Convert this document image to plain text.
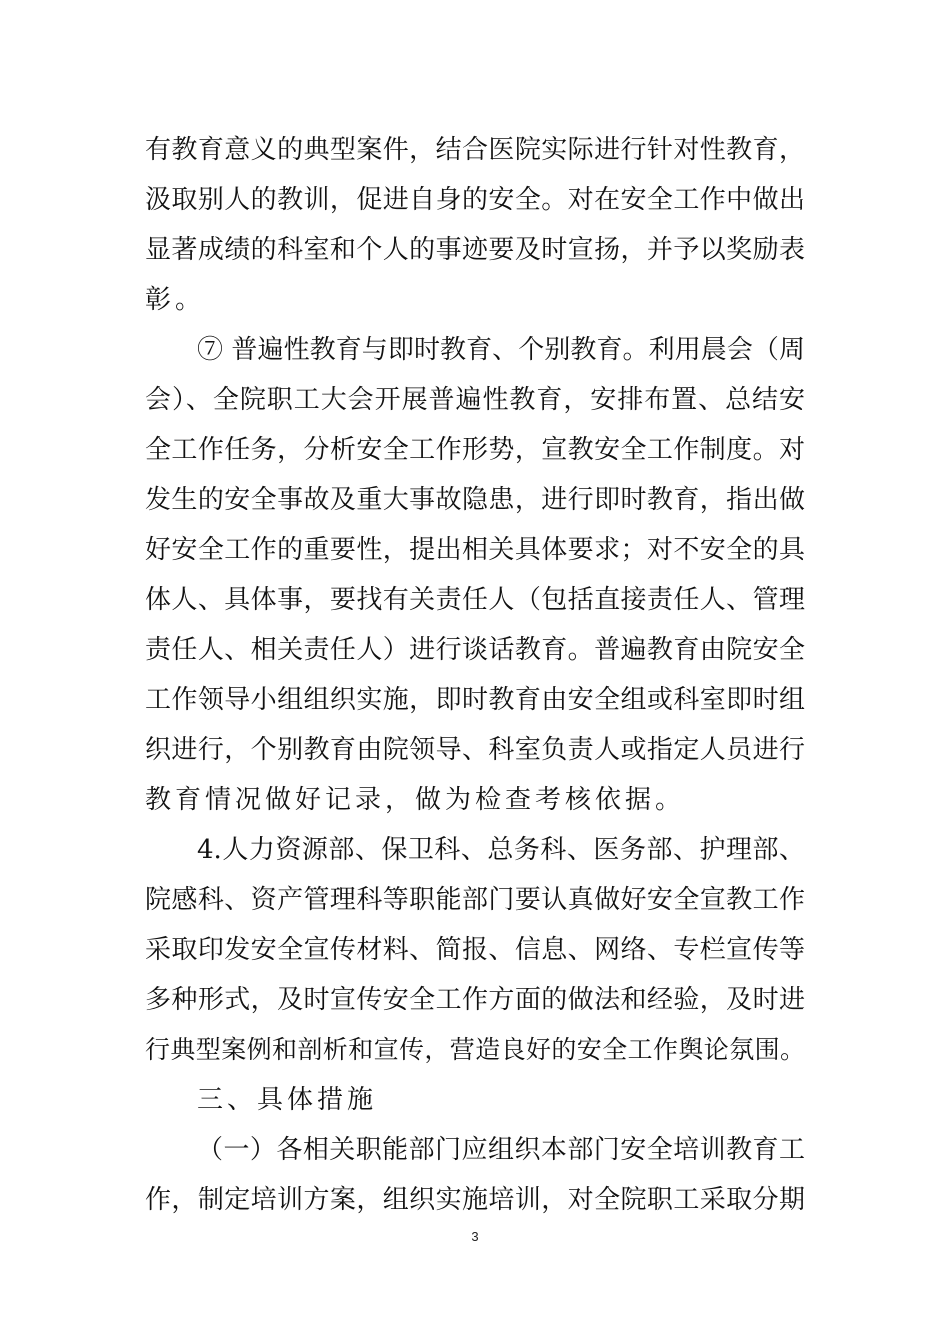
有教育意义的典型案件，结合医院实际进行针对性教育，
汲取别人的教训，促进自身的安全。对在安全工作中做出
显著成绩的科室和个人的事迹要及时宣扬，并予以奖励表
彰。
⑦ 普遍性教育与即时教育、个别教育。利用晨会（周
会）、全院职工大会开展普遍性教育，安排布置、总结安
全工作任务，分析安全工作形势，宣教安全工作制度。对
发生的安全事故及重大事故隐患，进行即时教育，指出做
好安全工作的重要性，提出相关具体要求；对不安全的具
体人、具体事，要找有关责任人（包括直接责任人、管理
责任人、相关责任人）进行谈话教育。普遍教育由院安全
工作领导小组组织实施，即时教育由安全组或科室即时组
织进行，个别教育由院领导、科室负责人或指定人员进行
教育情况做好记录，做为检查考核依据。
4.人力资源部、保卫科、总务科、医务部、护理部、
院感科、资产管理科等职能部门要认真做好安全宣教工作
采取印发安全宣传材料、简报、信息、网络、专栏宣传等
多种形式，及时宣传安全工作方面的做法和经验，及时进
行典型案例和剖析和宣传，营造良好的安全工作舆论氛围。
三、具体措施
（一）各相关职能部门应组织本部门安全培训教育工
作，制定培训方案，组织实施培训，对全院职工采取分期
3
